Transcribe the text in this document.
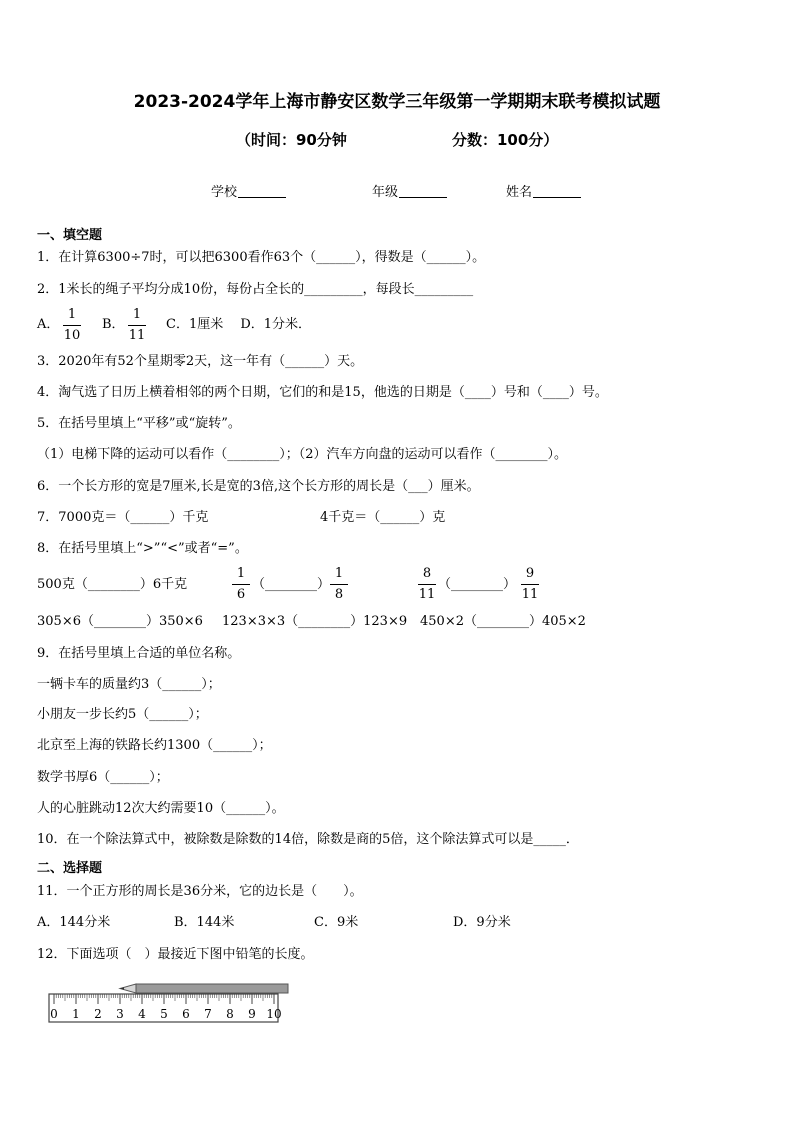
2023-2024学年上海市静安区数学三年级第一学期期末联考模拟试题
（时间：90分钟	分数：100分）
学校	年级	姓名
一、填空题
1．在计算6300÷7时，可以把6300看作63个（______），得数是（______）。
2．1米长的绳子平均分成10份，每份占全长的_________，每段长_________
A．
1
10
B．
1
11
C．1厘米　 D．1分米．
3．2020年有52个星期零2天，这一年有（______）天。
4．淘气选了日历上横着相邻的两个日期，它们的和是15，他选的日期是（____）号和（____）号。
5．在括号里填上“平移”或“旋转”。
（1）电梯下降的运动可以看作（________）；（2）汽车方向盘的运动可以看作（________）。
6．一个长方形的宽是7厘米,长是宽的3倍,这个长方形的周长是（___）厘米。
7．7000克＝（______）千克	4千克＝（______）克
8．在括号里填上“>”“<”或者“=”。
500克（________）6千克
1
6
（________）
1
8
8
11
（________）
9
11
305×6（________）350×6 123×3×3（________）123×9 450×2（________）405×2
9．在括号里填上合适的单位名称。
一辆卡车的质量约3（______）；
小朋友一步长约5（______）；
北京至上海的铁路长约1300（______）；
数学书厚6（______）；
人的心脏跳动12次大约需要10（______）。
10．在一个除法算式中，被除数是除数的14倍，除数是商的5倍，这个除法算式可以是_____．
二、选择题
11．一个正方形的周长是36分米，它的边长是（　　）。
A．144分米	B．144米	C．9米	D．9分米
12．下面选项（　）最接近下图中铅笔的长度。
0 1 2 3 4 5 6 7 8 9 10
